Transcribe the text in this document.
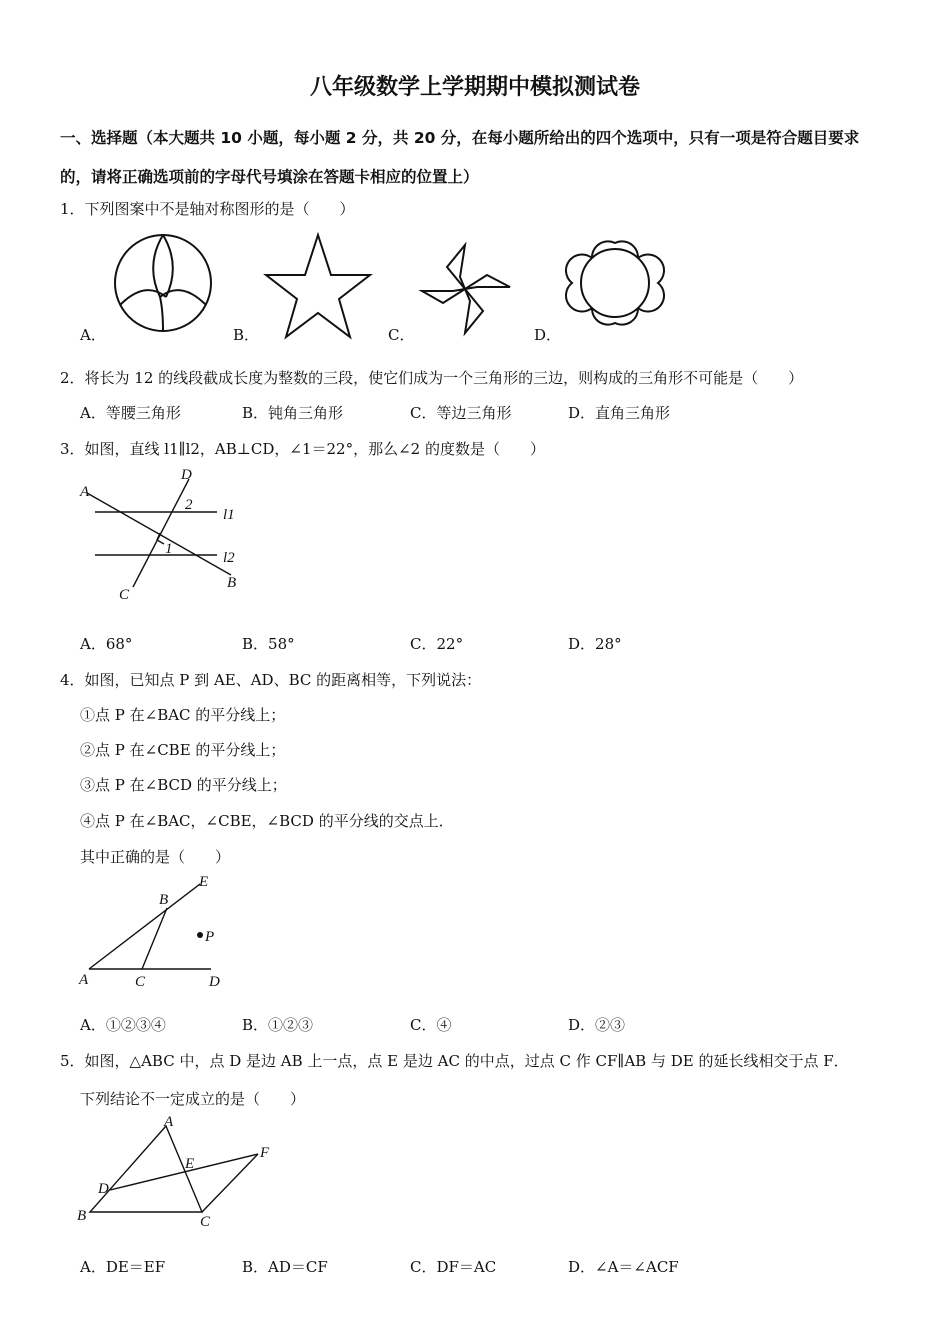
八年级数学上学期期中模拟测试卷
一、选择题（本大题共 10 小题，每小题 2 分，共 20 分，在每小题所给出的四个选项中，只有一项是符合题目要求
的，请将正确选项前的字母代号填涂在答题卡相应的位置上）
1．下列图案中不是轴对称图形的是（　　）
A．	B．	C．	D．
2．将长为 12 的线段截成长度为整数的三段，使它们成为一个三角形的三边，则构成的三角形不可能是（　　）
A．等腰三角形	B．钝角三角形	C．等边三角形	D．直角三角形
3．如图，直线 l1∥l2，AB⊥CD，∠1＝22°，那么∠2 的度数是（　　）
A
D
2
l1
1
l2
C
B
A．68°	B．58°	C．22°	D．28°
4．如图，已知点 P 到 AE、AD、BC 的距离相等，下列说法：
①点 P 在∠BAC 的平分线上；
②点 P 在∠CBE 的平分线上；
③点 P 在∠BCD 的平分线上；
④点 P 在∠BAC，∠CBE，∠BCD 的平分线的交点上．
其中正确的是（　　）
B
E
P
A	C	D
A．①②③④	B．①②③	C．④	D．②③
5．如图，△ABC 中，点 D 是边 AB 上一点，点 E 是边 AC 的中点，过点 C 作 CF∥AB 与 DE 的延长线相交于点 F．
下列结论不一定成立的是（　　）
A
E
F
D
B	C
A．DE＝EF	B．AD＝CF	C．DF＝AC	D．∠A＝∠ACF
